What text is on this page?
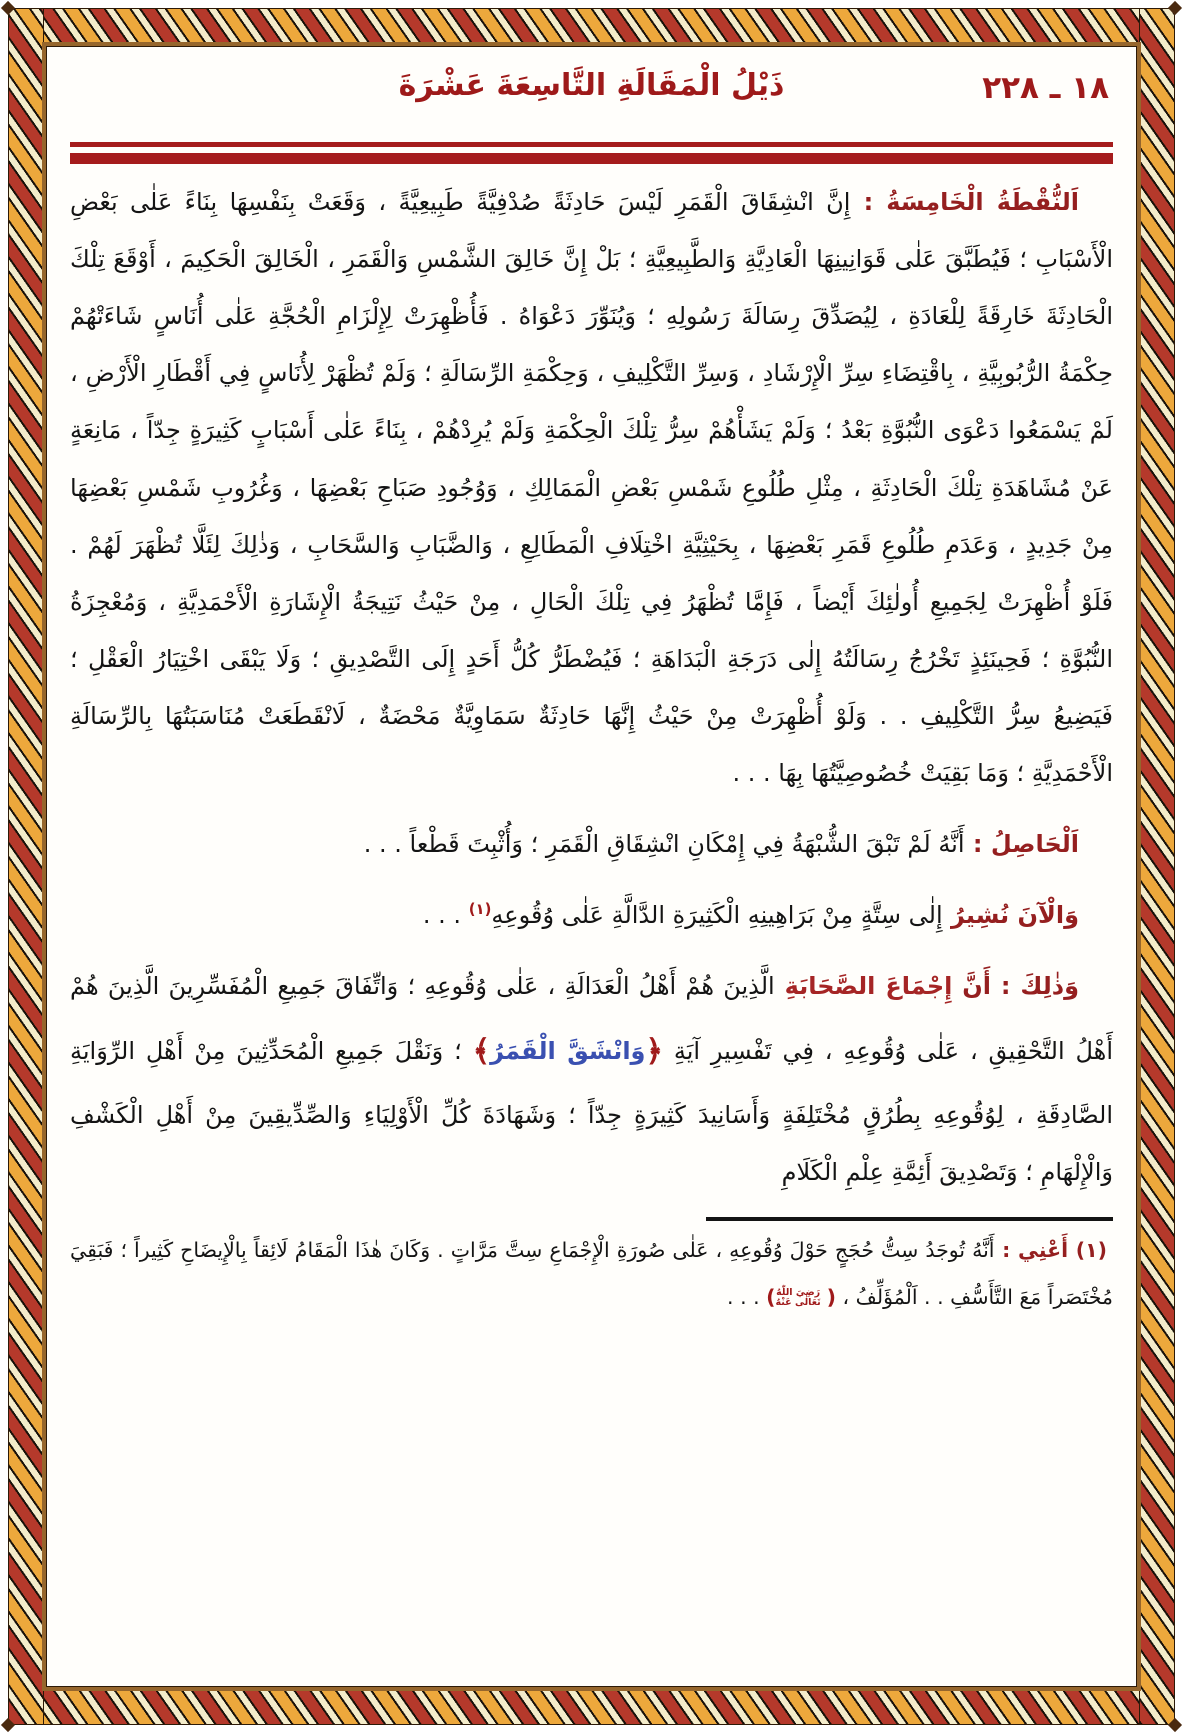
٢٢٨ ـ ١٨
ذَيْلُ الْمَقَالَةِ التَّاسِعَةَ عَشْرَةَ

اَلنُّقْطَةُ الْخَامِسَةُ : إِنَّ انْشِقَاقَ الْقَمَرِ لَيْسَ حَادِثَةً صُدْفِيَّةً طَبِيعِيَّةً ، وَقَعَتْ بِنَفْسِهَا بِنَاءً عَلٰى بَعْضِ الْأَسْبَابِ ؛ فَيُطَبَّقَ عَلٰى قَوَانِينِهَا الْعَادِيَّةِ وَالطَّبِيعِيَّةِ ؛ بَلْ إِنَّ خَالِقَ الشَّمْسِ وَالْقَمَرِ ، الْخَالِقَ الْحَكِيمَ ، أَوْقَعَ تِلْكَ الْحَادِثَةَ خَارِقَةً لِلْعَادَةِ ، لِيُصَدِّقَ رِسَالَةَ رَسُولِهِ ؛ وَيُنَوِّرَ دَعْوَاهُ . فَأُظْهِرَتْ لِإِلْزَامِ الْحُجَّةِ عَلٰى أُنَاسٍ شَاءَتْهُمْ حِكْمَةُ الرُّبُوبِيَّةِ ، بِاقْتِضَاءِ سِرِّ الْإِرْشَادِ ، وَسِرِّ التَّكْلِيفِ ، وَحِكْمَةِ الرِّسَالَةِ ؛ وَلَمْ تُظْهَرْ لِأُنَاسٍ فِي أَقْطَارِ الْأَرْضِ ، لَمْ يَسْمَعُوا دَعْوَى النُّبُوَّةِ بَعْدُ ؛ وَلَمْ يَشَأْهُمْ سِرُّ تِلْكَ الْحِكْمَةِ وَلَمْ يُرِدْهُمْ ، بِنَاءً عَلٰى أَسْبَابٍ كَثِيرَةٍ جِدّاً ، مَانِعَةٍ عَنْ مُشَاهَدَةِ تِلْكَ الْحَادِثَةِ ، مِثْلِ طُلُوعِ شَمْسِ بَعْضِ الْمَمَالِكِ ، وَوُجُودِ صَبَاحِ بَعْضِهَا ، وَغُرُوبِ شَمْسِ بَعْضِهَا مِنْ جَدِيدٍ ، وَعَدَمِ طُلُوعِ قَمَرِ بَعْضِهَا ، بِحَيْثِيَّةِ اخْتِلَافِ الْمَطَالِعِ ، وَالضَّبَابِ وَالسَّحَابِ ، وَذٰلِكَ لِئَلَّا تُظْهَرَ لَهُمْ . فَلَوْ أُظْهِرَتْ لِجَمِيعِ أُولٰئِكَ أَيْضاً ، فَإِمَّا تُظْهَرُ فِي تِلْكَ الْحَالِ ، مِنْ حَيْثُ نَتِيجَةُ الْإِشَارَةِ الْأَحْمَدِيَّةِ ، وَمُعْجِزَةُ النُّبُوَّةِ ؛ فَحِينَئِذٍ تَخْرُجُ رِسَالَتُهُ إِلٰى دَرَجَةِ الْبَدَاهَةِ ؛ فَيُضْطَرُّ كُلُّ أَحَدٍ إِلَى التَّصْدِيقِ ؛ وَلَا يَبْقَى اخْتِيَارُ الْعَقْلِ ؛ فَيَضِيعُ سِرُّ التَّكْلِيفِ . . وَلَوْ أُظْهِرَتْ مِنْ حَيْثُ إِنَّهَا حَادِثَةٌ سَمَاوِيَّةٌ مَحْضَةٌ ، لَانْقَطَعَتْ مُنَاسَبَتُهَا بِالرِّسَالَةِ الْأَحْمَدِيَّةِ ؛ وَمَا بَقِيَتْ خُصُوصِيَّتُهَا بِهَا . . .

اَلْحَاصِلُ : أَنَّهُ لَمْ تَبْقَ الشُّبْهَةُ فِي إِمْكَانِ انْشِقَاقِ الْقَمَرِ ؛ وَأُثْبِتَ قَطْعاً . . .

وَالْآنَ نُشِيرُ إِلٰى سِتَّةٍ مِنْ بَرَاهِينِهِ الْكَثِيرَةِ الدَّالَّةِ عَلٰى وُقُوعِهِ$^{(١)}$ . . .

وَذٰلِكَ : أَنَّ إِجْمَاعَ الصَّحَابَةِ الَّذِينَ هُمْ أَهْلُ الْعَدَالَةِ ، عَلٰى وُقُوعِهِ ؛ وَاتِّفَاقَ جَمِيعِ الْمُفَسِّرِينَ الَّذِينَ هُمْ أَهْلُ التَّحْقِيقِ ، عَلٰى وُقُوعِهِ ، فِي تَفْسِيرِ آيَةِ ﴿وَانْشَقَّ الْقَمَرُ﴾ ؛ وَنَقْلَ جَمِيعِ الْمُحَدِّثِينَ مِنْ أَهْلِ الرِّوَايَةِ الصَّادِقَةِ ، لِوُقُوعِهِ بِطُرُقٍ مُخْتَلِفَةٍ وَأَسَانِيدَ كَثِيرَةٍ جِدّاً ؛ وَشَهَادَةَ كُلِّ الْأَوْلِيَاءِ وَالصِّدِّيقِينَ مِنْ أَهْلِ الْكَشْفِ وَالْإِلْهَامِ ؛ وَتَصْدِيقَ أَئِمَّةِ عِلْمِ الْكَلَامِ

(١) أَعْنِي : أَنَّهُ تُوجَدُ سِتُّ حُجَجٍ حَوْلَ وُقُوعِهِ ، عَلٰى صُورَةِ الْإِجْمَاعِ سِتَّ مَرَّاتٍ . وَكَانَ هٰذَا الْمَقَامُ لَائِقاً بِالْإِيضَاحِ كَثِيراً ؛ فَبَقِيَ مُخْتَصَراً مَعَ التَّأَسُّفِ . . اَلْمُؤَلِّفُ ، (
رَضِيَ اللّٰهُ
تَعَالٰى عَنْهُ
) . . .
